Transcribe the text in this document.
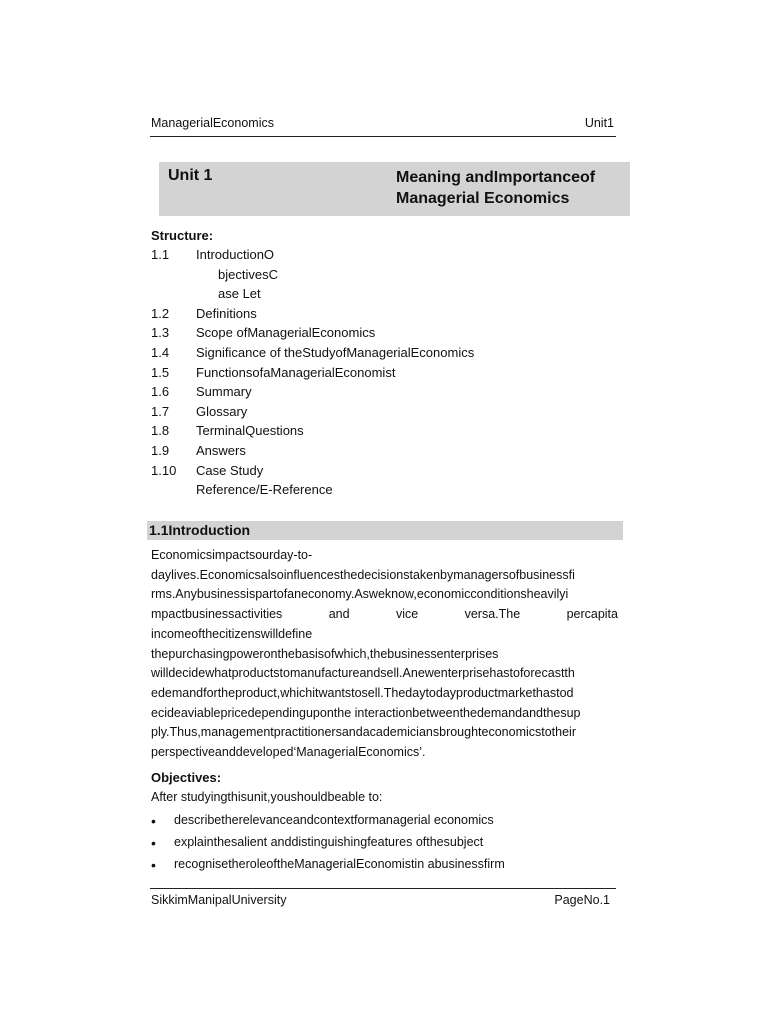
ManagerialEconomics	Unit1
Unit 1	Meaning andImportanceof
Managerial Economics
Structure:
1.1	IntroductionO
bjectivesC
ase Let
1.2	Definitions
1.3	Scope ofManagerialEconomics
1.4	Significance of theStudyofManagerialEconomics
1.5	FunctionsofaManagerialEconomist
1.6	Summary
1.7	Glossary
1.8	TerminalQuestions
1.9	Answers
1.10	Case Study
Reference/E-Reference
1.1Introduction
Economicsimpactsourday-to-
daylives.Economicsalsoinfluencesthedecisionstakenbymanagersofbusinessfi
rms.Anybusinessispartofaneconomy.Asweknow,economicconditionsheavilyi
mpactbusinessactivities	and	vice	versa.The	percapita
incomeofthecitizenswilldefine
thepurchasingpoweronthebasisofwhich,thebusinessenterprises
willdecidewhatproductstomanufactureandsell.Anewenterprisehastoforecastth
edemandfortheproduct,whichitwantstosell.Thedaytodayproductmarkethastod
ecideaviablepricedependinguponthe interactionbetweenthedemandandthesup
ply.Thus,managementpractitionersandacademiciansbroughteconomicstotheir
perspectiveanddeveloped‘ManagerialEconomics’.
Objectives:
After studyingthisunit,youshouldbeable to:
• describetherelevanceandcontextformanagerial economics
• explainthesalient anddistinguishingfeatures ofthesubject
• recognisetheroleoftheManagerialEconomistin abusinessfirm
SikkimManipalUniversity	PageNo.1
